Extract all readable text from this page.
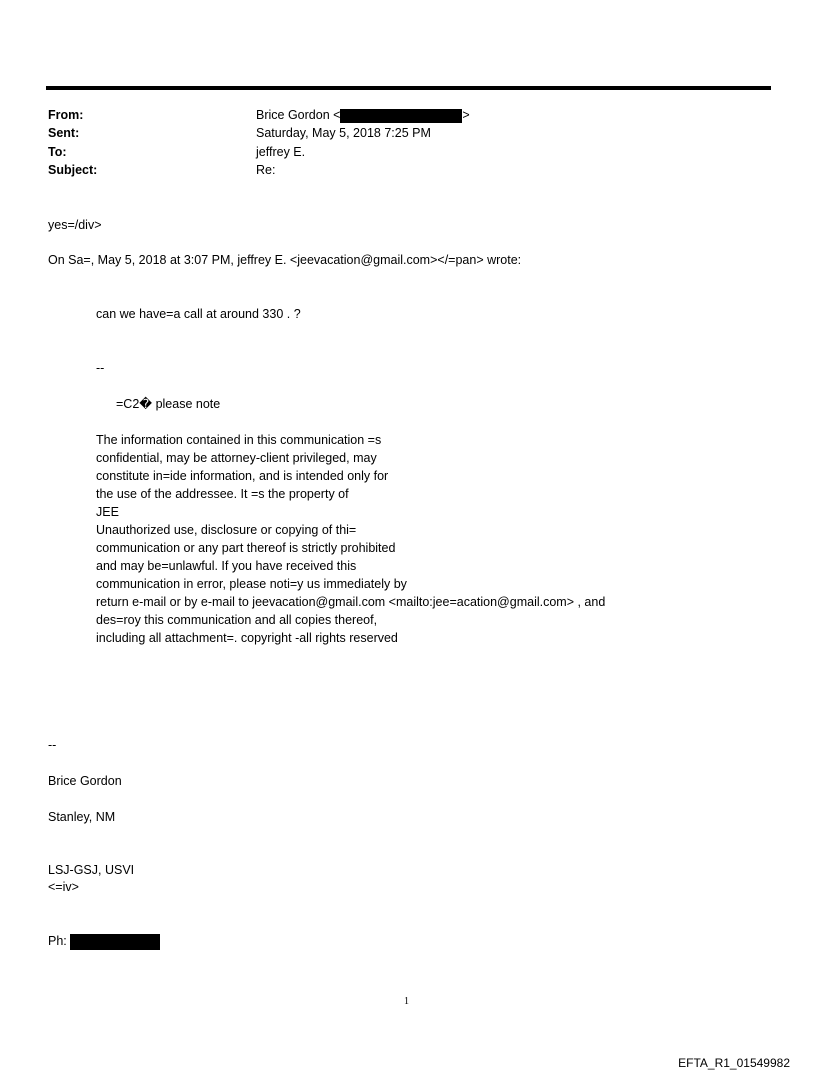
From:	Brice Gordon <	>
Sent:	Saturday, May 5, 2018 7:25 PM
To:	jeffrey E.
Subject:	Re:
yes=/div>
On Sa=, May 5, 2018 at 3:07 PM, jeffrey E. <jeevacation@gmail.com></=pan> wrote:
can we have=a call at around 330 . ?
--
=C2� please note
The information contained in this communication =s
confidential, may be attorney-client privileged, may
constitute in=ide information, and is intended only for
the use of the addressee. It =s the property of
JEE
Unauthorized use, disclosure or copying of thi=
communication or any part thereof is strictly prohibited
and may be=unlawful. If you have received this
communication in error, please noti=y us immediately by
return e-mail or by e-mail to jeevacation@gmail.com <mailto:jee=acation@gmail.com> , and
des=roy this communication and all copies thereof,
including all attachment=. copyright -all rights reserved
--
Brice Gordon
Stanley, NM
LSJ-GSJ, USVI
<=iv>
Ph:
1
EFTA_R1_01549982
